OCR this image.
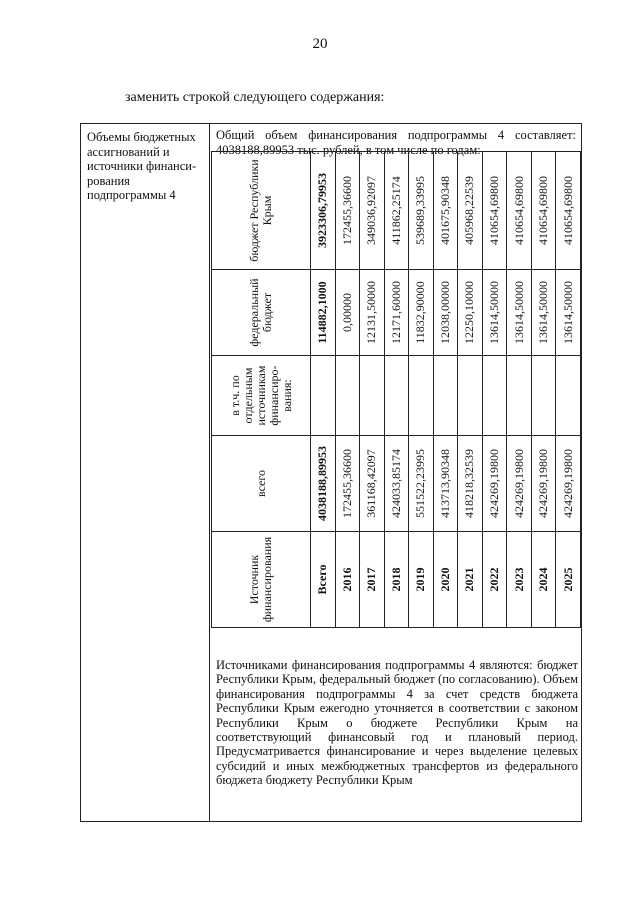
20
заменить строкой следующего содержания:
Объемы бюджетных ассигнований и источники финанси-рования подпрограммы 4
Общий объем финансирования подпрограммы 4 составляет: 4038188,89953 тыс. рублей, в том числе по годам:
Источниками финансирования подпрограммы 4 являются: бюджет Республики Крым, федеральный бюджет (по согласованию). Объем финансирования подпрограммы 4 за счет средств бюджета Республики Крым ежегодно уточняется в соответствии с законом Республики Крым о бюджете Республики Крым на соответствующий финансовый год и плановый период. Предусматривается финансирование и через выделение целевых субсидий и иных межбюджетных трансфертов из федерального бюджета бюджету Республики Крым
Источник финансирования	всего	в т.ч. по отдельным источникам финансиро-вания:	федеральный бюджет	бюджет Республики Крым
Всего	4038188,89953		114882,1000	3923306,79953
2016	172455,36600		0,00000	172455,36600
2017	361168,42097		12131,50000	349036,92097
2018	424033,85174		12171,60000	411862,25174
2019	551522,23995		11832,90000	539689,33995
2020	413713,90348		12038,00000	401675,90348
2021	418218,32539		12250,10000	405968,22539
2022	424269,19800		13614,50000	410654,69800
2023	424269,19800		13614,50000	410654,69800
2024	424269,19800		13614,50000	410654,69800
2025	424269,19800		13614,50000	410654,69800
